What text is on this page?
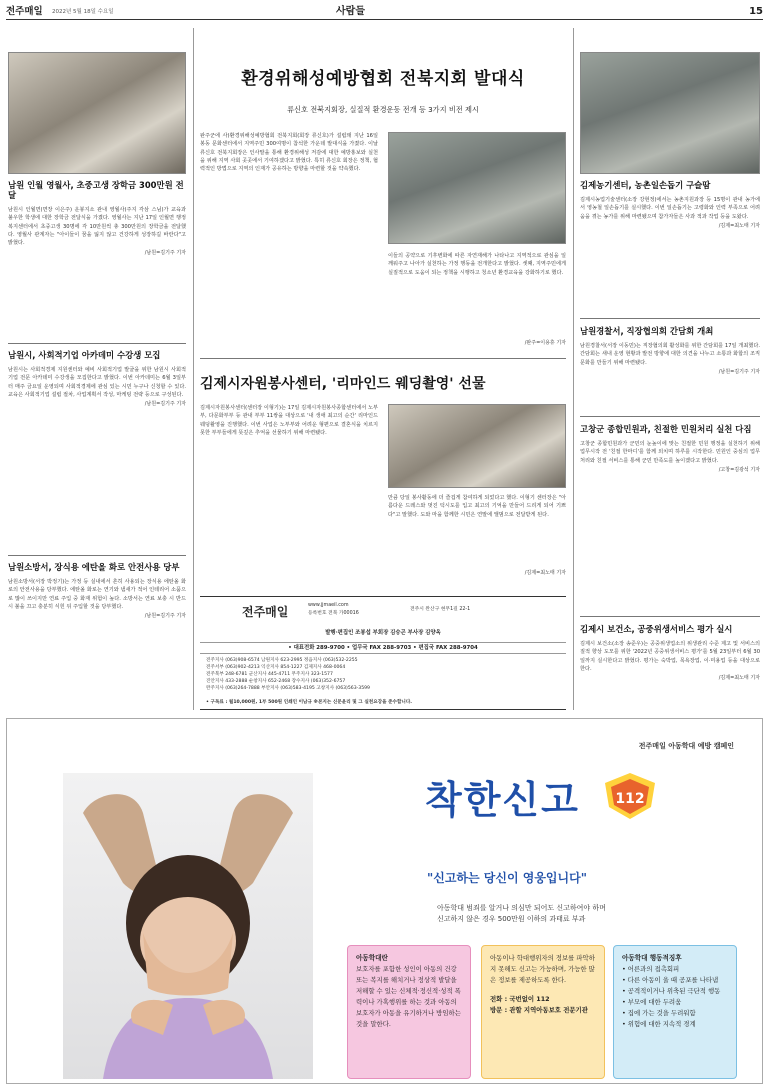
전주매일 2022년 5월 18일 수요일	사람들	15
남원 인월 영월사, 초중고생 장학금 300만원 전달
남원시 인월면(면장 이은주) 운봉지소 관내 영월사(주지 각삼 스님)가 교육과 불우한 학생에 대한 장학금 전달식을 가졌다. 영월사는 지난 17일 인월면 행정복지센터에서 초중고생 30명에 각 10만원씩 총 300만원의 장학금을 전달했다. 영월사 관계자는 "아이들이 꿈을 잃지 않고 건강하게 성장하길 바란다"고 밝혔다.
/남원=김기주 기자
남원시, 사회적기업 아카데미 수강생 모집
남원시는 사회적경제 지원센터와 예비 사회적기업 발굴을 위한 남원시 사회적기업 전문 아카데미 수강생을 모집한다고 밝혔다. 이번 아카데미는 6월 3일부터 매주 금요일 운영되며 사회적경제에 관심 있는 시민 누구나 신청할 수 있다. 교육은 사회적기업 설립 절차, 사업계획서 작성, 마케팅 전략 등으로 구성된다.
/남원=김기주 기자
남원소방서, 장식용 에탄올 화로 안전사용 당부
남원소방서(서장 박정기)는 가정 등 실내에서 흔히 사용되는 장식용 에탄올 화로의 안전사용을 당부했다. 에탄올 화로는 연기와 냄새가 적어 인테리어 소품으로 많이 쓰이지만 연료 주입 중 화재 위험이 높다. 소방서는 연료 보충 시 반드시 불을 끄고 충분히 식힌 뒤 주입할 것을 당부했다.
/남원=김기주 기자
환경위해성예방협회 전북지회 발대식
류신호 전북지회장, 실질적 환경운동 전개 등 3가지 비전 제시
완주군에 사)환경위해성예방협회 전북지회(회장 류신호)가 설립돼 지난 16일 봉동 문화센터에서 지역주민 300여명이 참석한 가운데 발대식을 가졌다. 이날 류신호 전북지회장은 인사말을 통해 환경위해성 저감에 대한 예방홍보와 실천을 위해 지역 사회 곳곳에서 기여하겠다고 밝혔다. 특히 류신호 회장은 정책, 협력적인 방법으로 지역의 인재가 공유하는 방향을 마련할 것을 약속했다.
이들의 공약으로 기후변화에 따른 자연재해가 나타나고 지역적으로 관심을 일깨워주고 나아가 실천하는 가정 행동을 전개한다고 밝혔다. 셋째, 지역주민에게 실질적으로 도움이 되는 정책을 시행하고 청소년 환경교육을 강화하기로 했다.
/완주=이용휴 기자
김제시자원봉사센터, '리마인드 웨딩촬영' 선물
김제시자원봉사센터(센터장 이형기)는 17일 김제시자원봉사종합센터에서 노부부, 다문화부부 등 관내 부부 11쌍을 대상으로 '내 생애 최고의 순간' 리마인드 웨딩촬영을 진행했다. 이번 사업은 노부부와 어려운 형편으로 결혼식을 치르지 못한 부부들에게 뜻깊은 추억을 선물하기 위해 마련됐다.
만큼 당일 봉사활동에 더 즐겁게 참여하게 되었다고 했다. 이형기 센터장은 "아름다운 드레스와 멋진 턱시도를 입고 최고의 기억을 만들어 드리게 되어 기쁘다"고 말했다. 도와 마을 함께한 시민은 연말에 앨범으로 전달받게 된다.
/김제=최노태 기자
전주매일	www.jjmaeil.com
등록번호 전북 가00016
전주시 완산구 현무1길 22-1
발행·편집인 조봉섭 부회장 김승곤 부사장 김양옥
• 대표전화 289-9700 • 업무국 FAX 288-9703 • 편집국 FAX 288-9704
전주지사 (063)908-6574 남원지사 623-2995 정읍지사 (063)532-2255
전주서부 (063)902-4213 익산지사 854-1227 김제지사 468-0064
전주북부 248-6781 군산지사 445-4711 무주지사 323-1577
진안지사 433-2888 순창지사 652-2468 장수지사 (063)352-6757
완주지사 (063)264-7888 부안지사 (063)583-4195 고창지사 (063)563-3599
• 구독료 : 월10,000원, 1부 500원 인쇄인 이남규 ※본지는 신문윤리 및 그 실천요강을 준수합니다.
김제농기센터, 농촌일손돕기 구슬땀
김제시농업기술센터(소장 강현정)에서는 농촌지원과장 등 15명이 관내 농가에서 영농철 일손돕기를 실시했다. 이번 일손돕기는 고령화와 인력 부족으로 어려움을 겪는 농가를 위해 마련됐으며 참가자들은 사과 적과 작업 등을 도왔다.
/김제=최노태 기자
남원경찰서, 직장협의회 간담회 개최
남원경찰서(서장 이동민)는 직장협의회 활성화를 위한 간담회를 17일 개최했다. 간담회는 새내 운영 현황과 발전 방향에 대한 의견을 나누고 소통과 화합의 조직문화를 만들기 위해 마련됐다.
/남원=김기주 기자
고창군 종합민원과, 친절한 민원처리 실천 다짐
고창군 종합민원과가 군민의 눈높이에 맞는 친절한 민원 행정을 실천하기 위해 업무시작 전 '친절 한마디'를 함께 외치며 하루를 시작한다. 민원인 중심의 업무 처리와 친절 서비스를 통해 군민 만족도를 높이겠다고 밝혔다.
/고창=김광석 기자
김제시 보건소, 공중위생서비스 평가 실시
김제시 보건소(소장 송준우)는 공중위생업소의 위생관리 수준 제고 및 서비스의 질적 향상 도모를 위한 '2022년 공중위생서비스 평가'를 5월 23일부터 6월 30일까지 실시한다고 밝혔다. 평가는 숙박업, 목욕장업, 이·미용업 등을 대상으로 한다.
/김제=최노태 기자
전주매일 아동학대 예방 캠페인
착한신고	112
"신고하는 당신이 영웅입니다"
아동학대 범죄를 알거나 의심만 되어도 신고하여야 하며
신고하지 않은 경우 500만원 이하의 과태료 부과
아동학대란
보호자를 포함한 성인이 아동의 건강 또는 복지를 해치거나 정상적 발달을 저해할 수 있는 신체적·정신적·성적 폭력이나 가혹행위를 하는 것과 아동의 보호자가 아동을 유기하거나 방임하는 것을 말한다.
아동이나 학대행위자의 정보를 파악하지 못해도 신고는 가능하며, 가능한 많은 정보를 제공하도록 한다.
전화 : 국번없이 112
방문 : 관할 지역아동보호 전문기관
아동학대 행동적징후
• 어른과의 접촉회피
• 다른 아동이 울 때 공포를 나타냄
• 공격적이거나 위축된 극단적 행동
• 부모에 대한 두려움
• 집에 가는 것을 두려워함
• 위험에 대한 지속적 경계
